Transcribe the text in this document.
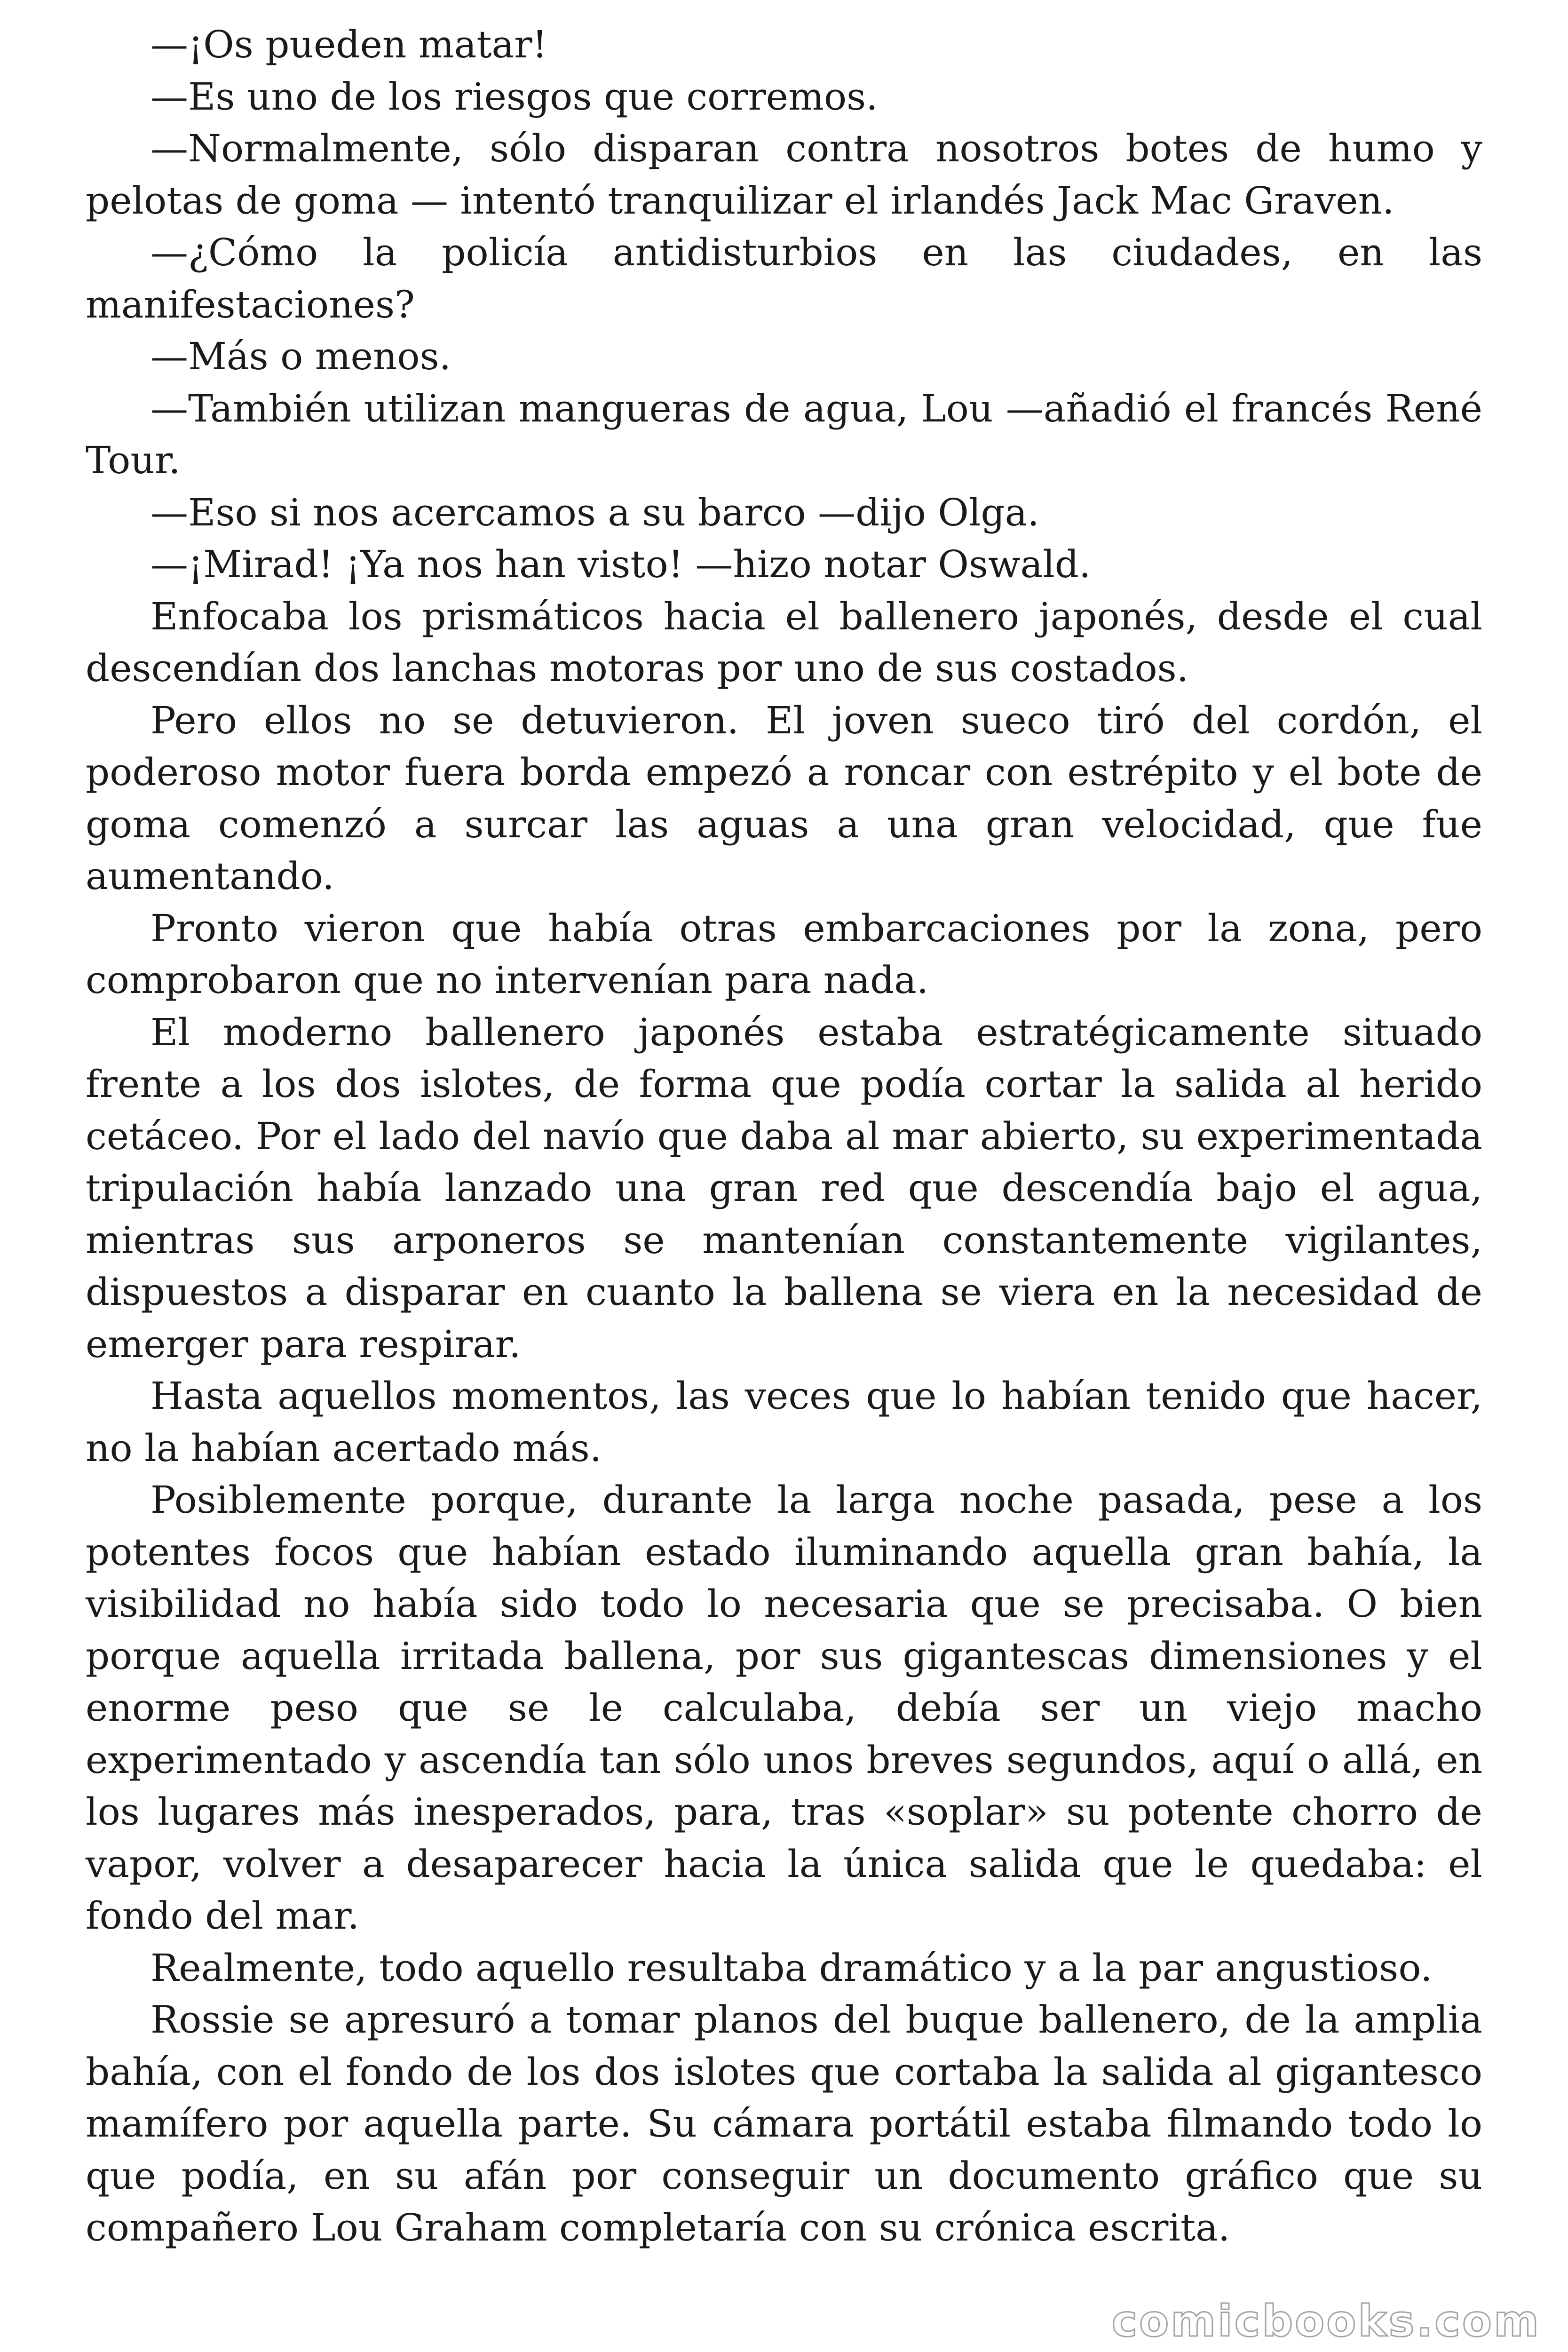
—¡Os pueden matar!

—Es uno de los riesgos que corremos.

—Normalmente, sólo disparan contra nosotros botes de humo y pelotas de goma — intentó tranquilizar el irlandés Jack Mac Graven.

—¿Cómo la policía antidisturbios en las ciudades, en las manifestaciones?

—Más o menos.

—También utilizan mangueras de agua, Lou —añadió el francés René Tour.

—Eso si nos acercamos a su barco —dijo Olga.

—¡Mirad! ¡Ya nos han visto! —hizo notar Oswald.

Enfocaba los prismáticos hacia el ballenero japonés, desde el cual descendían dos lanchas motoras por uno de sus costados.

Pero ellos no se detuvieron. El joven sueco tiró del cordón, el poderoso motor fuera borda empezó a roncar con estrépito y el bote de goma comenzó a surcar las aguas a una gran velocidad, que fue aumentando.

Pronto vieron que había otras embarcaciones por la zona, pero comprobaron que no intervenían para nada.

El moderno ballenero japonés estaba estratégicamente situado frente a los dos islotes, de forma que podía cortar la salida al herido cetáceo. Por el lado del navío que daba al mar abierto, su experimentada tripulación había lanzado una gran red que descendía bajo el agua, mientras sus arponeros se mantenían constantemente vigilantes, dispuestos a disparar en cuanto la ballena se viera en la necesidad de emerger para respirar.

Hasta aquellos momentos, las veces que lo habían tenido que hacer, no la habían acertado más.

Posiblemente porque, durante la larga noche pasada, pese a los potentes focos que habían estado iluminando aquella gran bahía, la visibilidad no había sido todo lo necesaria que se precisaba. O bien porque aquella irritada ballena, por sus gigantescas dimensiones y el enorme peso que se le calculaba, debía ser un viejo macho experimentado y ascendía tan sólo unos breves segundos, aquí o allá, en los lugares más inesperados, para, tras «soplar» su potente chorro de vapor, volver a desaparecer hacia la única salida que le quedaba: el fondo del mar.

Realmente, todo aquello resultaba dramático y a la par angustioso.

Rossie se apresuró a tomar planos del buque ballenero, de la amplia bahía, con el fondo de los dos islotes que cortaba la salida al gigantesco mamífero por aquella parte. Su cámara portátil estaba filmando todo lo que podía, en su afán por conseguir un documento gráfico que su compañero Lou Graham completaría con su crónica escrita.

comicbooks.com
